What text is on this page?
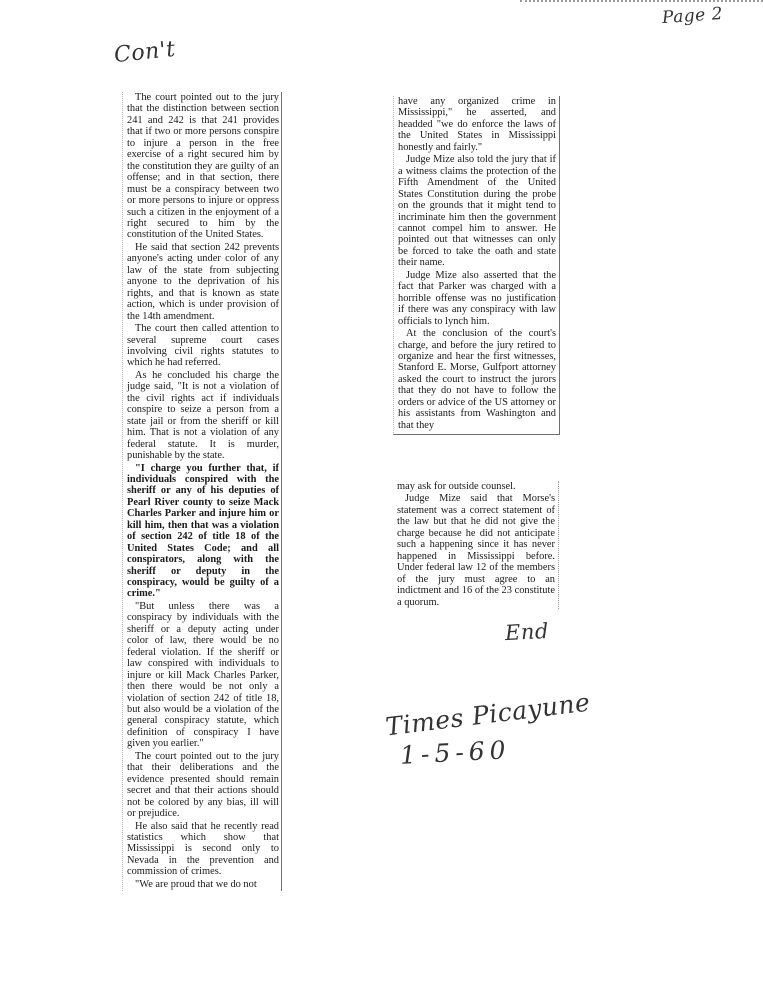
Page 2
Con't

The court pointed out to the jury that the distinction between section 241 and 242 is that 241 provides that if two or more persons conspire to injure a person in the free exercise of a right secured him by the constitution they are guilty of an offense; and in that section, there must be a conspiracy between two or more persons to injure or oppress such a citizen in the enjoyment of a right secured to him by the constitution of the United States.

He said that section 242 prevents anyone's acting under color of any law of the state from subjecting anyone to the deprivation of his rights, and that is known as state action, which is under provision of the 14th amendment.

The court then called attention to several supreme court cases involving civil rights statutes to which he had referred.

As he concluded his charge the judge said, "It is not a violation of the civil rights act if individuals conspire to seize a person from a state jail or from the sheriff or kill him. That is not a violation of any federal statute. It is murder, punishable by the state.

"I charge you further that, if individuals conspired with the sheriff or any of his deputies of Pearl River county to seize Mack Charles Parker and injure him or kill him, then that was a violation of section 242 of title 18 of the United States Code; and all conspirators, along with the sheriff or deputy in the conspiracy, would be guilty of a crime."

"But unless there was a conspiracy by individuals with the sheriff or a deputy acting under color of law, there would be no federal violation. If the sheriff or law conspired with individuals to injure or kill Mack Charles Parker, then there would be not only a violation of section 242 of title 18, but also would be a violation of the general conspiracy statute, which definition of conspiracy I have given you earlier."

The court pointed out to the jury that their deliberations and the evidence presented should remain secret and that their actions should not be colored by any bias, ill will or prejudice.

He also said that he recently read statistics which show that Mississippi is second only to Nevada in the prevention and commission of crimes.

"We are proud that we do not

have any organized crime in Mississippi," he asserted, and headded "we do enforce the laws of the United States in Mississippi honestly and fairly."

Judge Mize also told the jury that if a witness claims the protection of the Fifth Amendment of the United States Constitution during the probe on the grounds that it might tend to incriminate him then the government cannot compel him to answer. He pointed out that witnesses can only be forced to take the oath and state their name.

Judge Mize also asserted that the fact that Parker was charged with a horrible offense was no justification if there was any conspiracy with law officials to lynch him.

At the conclusion of the court's charge, and before the jury retired to organize and hear the first witnesses, Stanford E. Morse, Gulfport attorney asked the court to instruct the jurors that they do not have to follow the orders or advice of the US attorney or his assistants from Washington and that they

may ask for outside counsel.

Judge Mize said that Morse's statement was a correct statement of the law but that he did not give the charge because he did not anticipate such a happening since it has never happened in Mississippi before. Under federal law 12 of the members of the jury must agree to an indictment and 16 of the 23 constitute a quorum.

End
Times Picayune
1-5-60
